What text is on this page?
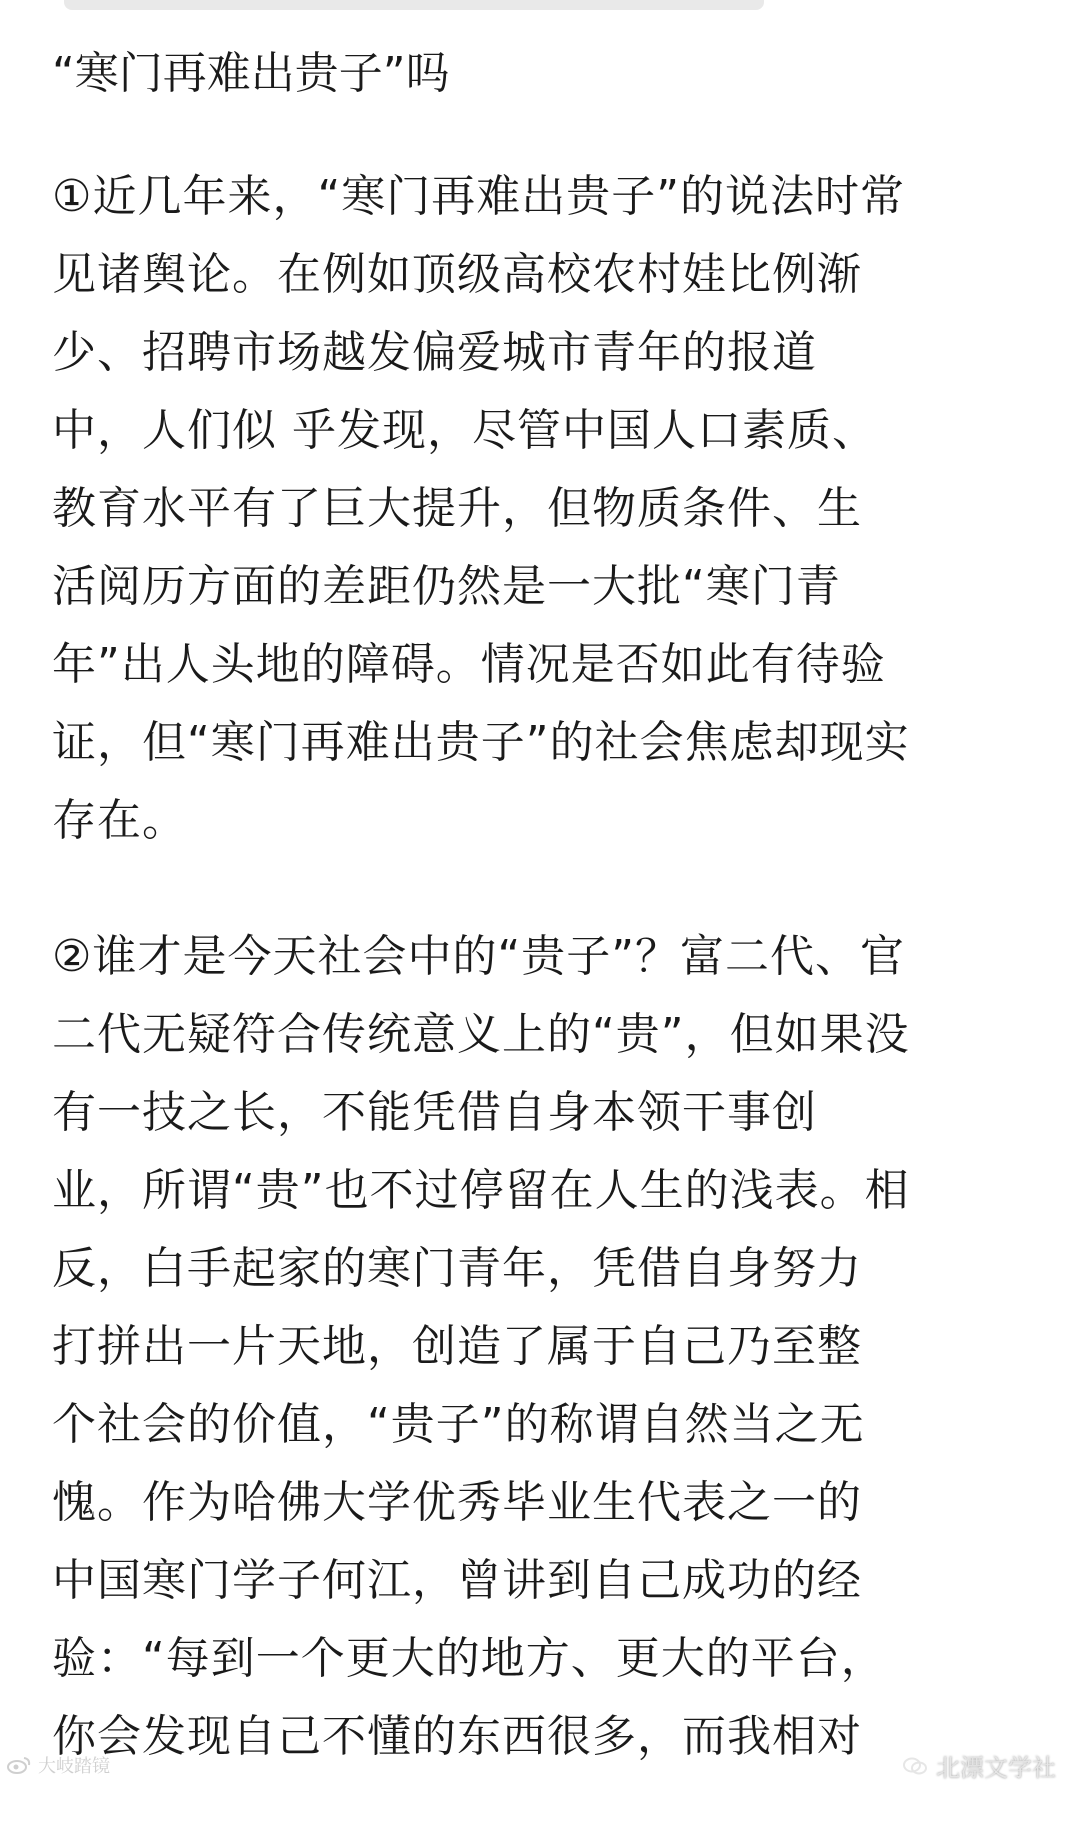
“寒门再难出贵子”吗
①近几年来，“寒门再难出贵子”的说法时常
见诸舆论。在例如顶级高校农村娃比例渐
少、招聘市场越发偏爱城市青年的报道
中，人们似 乎发现，尽管中国人口素质、
教育水平有了巨大提升，但物质条件、生
活阅历方面的差距仍然是一大批“寒门青
年”出人头地的障碍。情况是否如此有待验
证，但“寒门再难出贵子”的社会焦虑却现实
存在。
②谁才是今天社会中的“贵子”？富二代、官
二代无疑符合传统意义上的“贵”，但如果没
有一技之长，不能凭借自身本领干事创
业，所谓“贵”也不过停留在人生的浅表。相
反，白手起家的寒门青年，凭借自身努力
打拼出一片天地，创造了属于自己乃至整
个社会的价值，“贵子”的称谓自然当之无
愧。作为哈佛大学优秀毕业生代表之一的
中国寒门学子何江，曾讲到自己成功的经
验：“每到一个更大的地方、更大的平台，
你会发现自己不懂的东西很多，而我相对
大岐踏镜	北漂文学社
